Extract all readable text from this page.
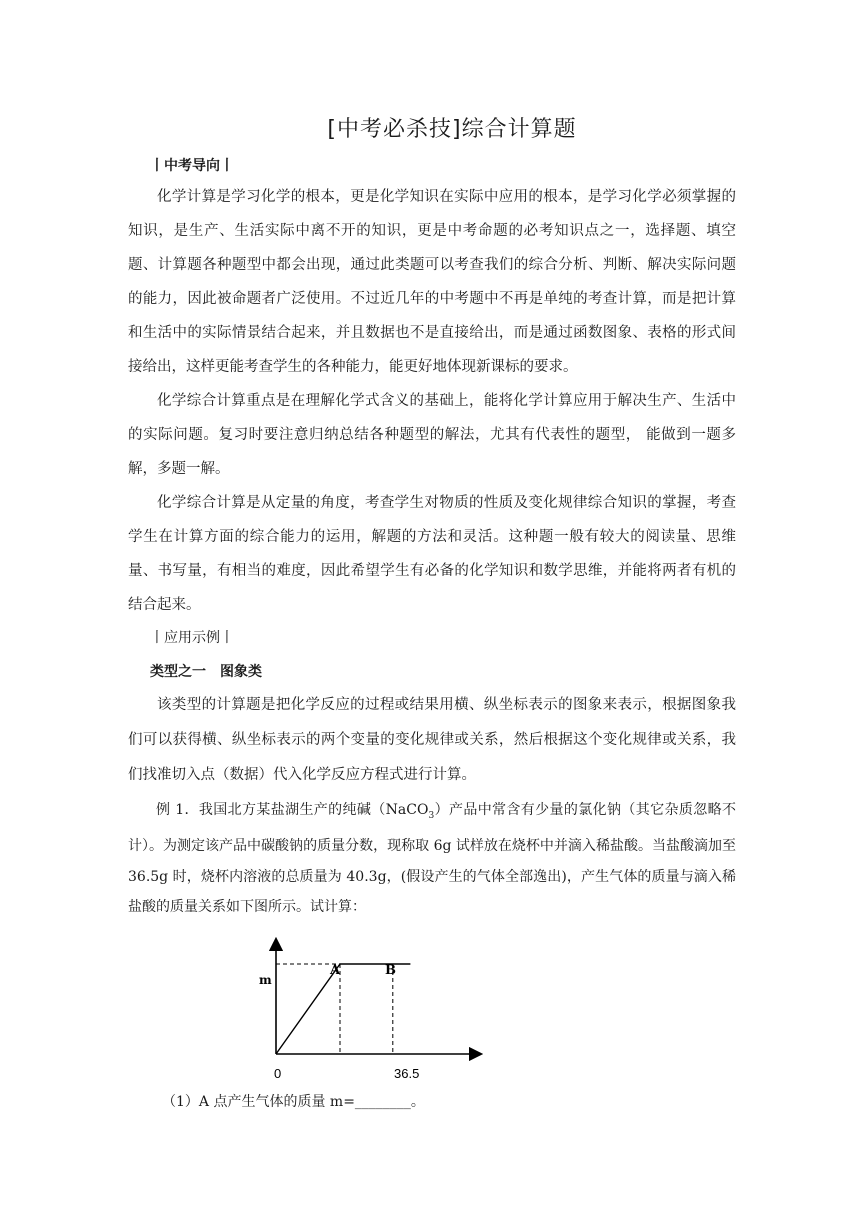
[中考必杀技]综合计算题

丨中考导向丨

化学计算是学习化学的根本，更是化学知识在实际中应用的根本，是学习化学必须掌握的知识，是生产、生活实际中离不开的知识，更是中考命题的必考知识点之一，选择题、填空题、计算题各种题型中都会出现，通过此类题可以考查我们的综合分析、判断、解决实际问题的能力，因此被命题者广泛使用。不过近几年的中考题中不再是单纯的考查计算，而是把计算和生活中的实际情景结合起来，并且数据也不是直接给出，而是通过函数图象、表格的形式间接给出，这样更能考查学生的各种能力，能更好地体现新课标的要求。

化学综合计算重点是在理解化学式含义的基础上，能将化学计算应用于解决生产、生活中的实际问题。复习时要注意归纳总结各种题型的解法，尤其有代表性的题型， 能做到一题多解，多题一解。

化学综合计算是从定量的角度，考查学生对物质的性质及变化规律综合知识的掌握，考查学生在计算方面的综合能力的运用，解题的方法和灵活。这种题一般有较大的阅读量、思维量、书写量，有相当的难度，因此希望学生有必备的化学知识和数学思维，并能将两者有机的结合起来。

丨应用示例丨

类型之一　图象类

该类型的计算题是把化学反应的过程或结果用横、纵坐标表示的图象来表示，根据图象我们可以获得横、纵坐标表示的两个变量的变化规律或关系，然后根据这个变化规律或关系，我们找准切入点（数据）代入化学反应方程式进行计算。

例 1．我国北方某盐湖生产的纯碱（NaCO$_3$）产品中常含有少量的氯化钠（其它杂质忽略不计）。为测定该产品中碳酸钠的质量分数，现称取 6g 试样放在烧杯中并滴入稀盐酸。当盐酸滴加至 36.5g 时，烧杯内溶液的总质量为 40.3g，(假设产生的气体全部逸出)，产生气体的质量与滴入稀盐酸的质量关系如下图所示。试计算：

m
0	36.5
A	B

（1）A 点产生气体的质量 m=________。
